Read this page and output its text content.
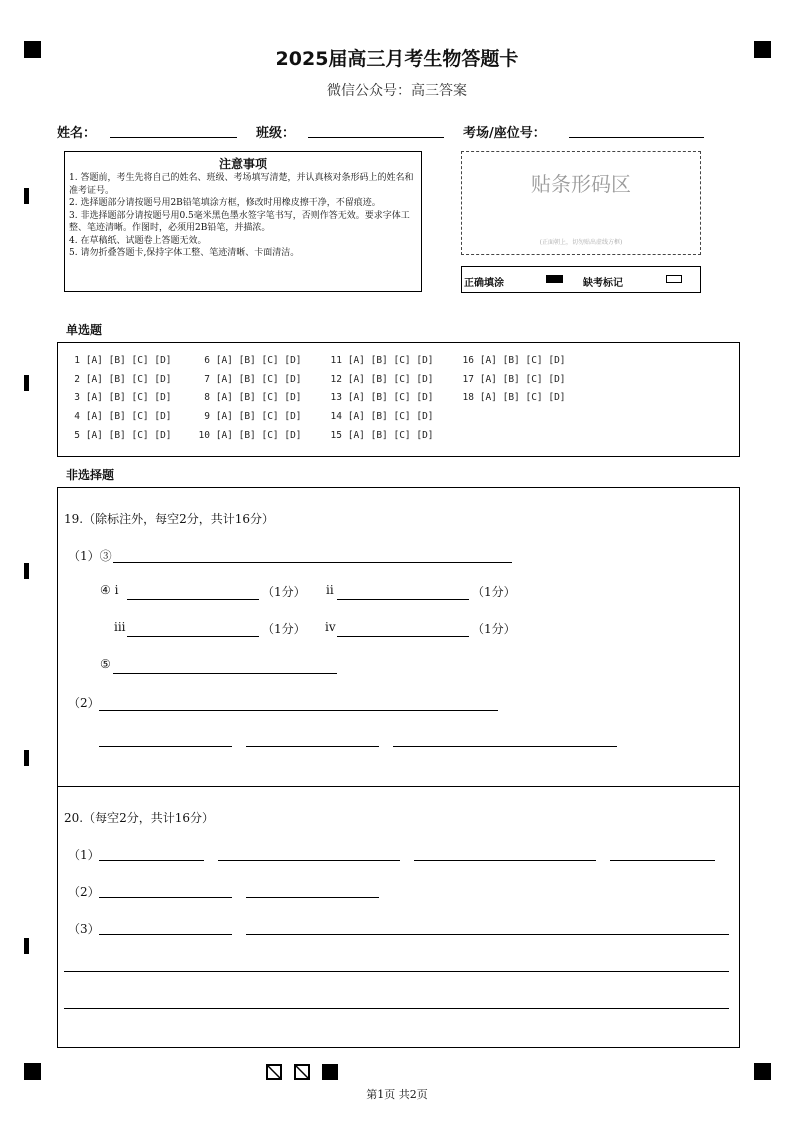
2025届高三月考生物答题卡
微信公众号：高三答案
姓名：	班级：	考场/座位号：
注意事项
1. 答题前，考生先将自己的姓名、班级、考场填写清楚，并认真核对条形码上的姓名和准考证号。
2. 选择题部分请按题号用2B铅笔填涂方框，修改时用橡皮擦干净，不留痕迹。
3. 非选择题部分请按题号用0.5毫米黑色墨水签字笔书写，否则作答无效。要求字体工整、笔迹清晰。作图时，必须用2B铅笔，并描浓。
4. 在草稿纸、试题卷上答题无效。
5. 请勿折叠答题卡,保持字体工整、笔迹清晰、卡面清洁。
贴条形码区
(正面朝上，切勿贴出虚线方框)
正确填涂	缺考标记
单选题
1 [A] [B] [C] [D]
2 [A] [B] [C] [D]
3 [A] [B] [C] [D]
4 [A] [B] [C] [D]
5 [A] [B] [C] [D]
6 [A] [B] [C] [D]
7 [A] [B] [C] [D]
8 [A] [B] [C] [D]
9 [A] [B] [C] [D]
10 [A] [B] [C] [D]
11 [A] [B] [C] [D]
12 [A] [B] [C] [D]
13 [A] [B] [C] [D]
14 [A] [B] [C] [D]
15 [A] [B] [C] [D]
16 [A] [B] [C] [D]
17 [A] [B] [C] [D]
18 [A] [B] [C] [D]
非选择题
19.（除标注外，每空2分，共计16分）
（1）③
④ i	（1分） ii	（1分）
iii	（1分） iv	（1分）
⑤
（2）
20.（每空2分，共计16分）
（1）
（2）
（3）
第1页 共2页
